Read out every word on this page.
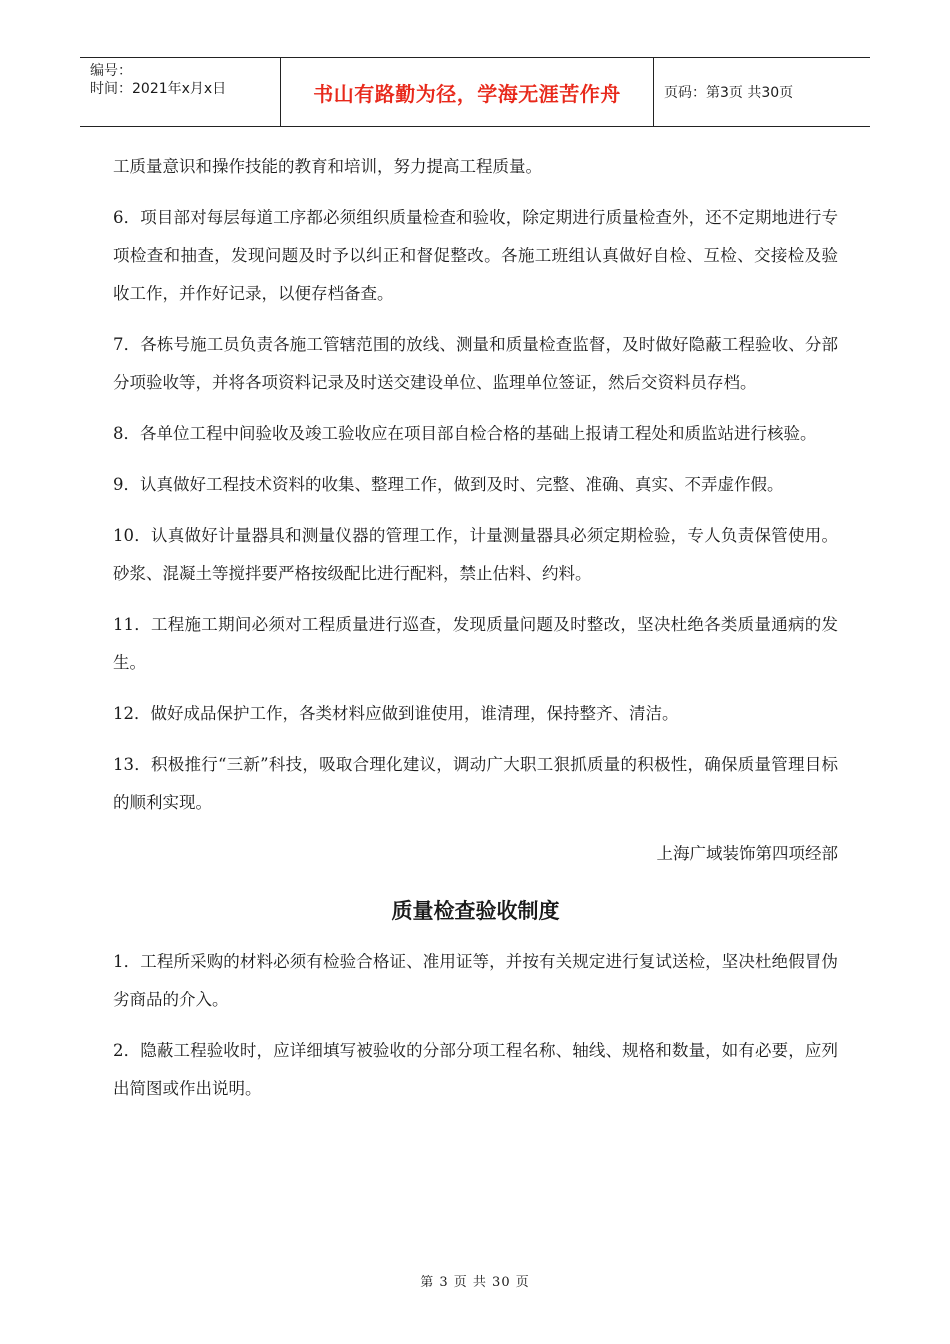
编号：
时间：2021年x月x日	书山有路勤为径，学海无涯苦作舟	页码：第3页 共30页

工质量意识和操作技能的教育和培训，努力提高工程质量。

6．项目部对每层每道工序都必须组织质量检查和验收，除定期进行质量检查外，还不定期地进行专项检查和抽查，发现问题及时予以纠正和督促整改。各施工班组认真做好自检、互检、交接检及验收工作，并作好记录，以便存档备查。

7．各栋号施工员负责各施工管辖范围的放线、测量和质量检查监督，及时做好隐蔽工程验收、分部分项验收等，并将各项资料记录及时送交建设单位、监理单位签证，然后交资料员存档。

8．各单位工程中间验收及竣工验收应在项目部自检合格的基础上报请工程处和质监站进行核验。

9．认真做好工程技术资料的收集、整理工作，做到及时、完整、准确、真实、不弄虚作假。

10．认真做好计量器具和测量仪器的管理工作，计量测量器具必须定期检验，专人负责保管使用。砂浆、混凝土等搅拌要严格按级配比进行配料，禁止估料、约料。

11．工程施工期间必须对工程质量进行巡查，发现质量问题及时整改，坚决杜绝各类质量通病的发生。

12．做好成品保护工作，各类材料应做到谁使用，谁清理，保持整齐、清洁。

13．积极推行“三新”科技，吸取合理化建议，调动广大职工狠抓质量的积极性，确保质量管理目标的顺利实现。

上海广域装饰第四项经部

质量检查验收制度

1．工程所采购的材料必须有检验合格证、准用证等，并按有关规定进行复试送检，坚决杜绝假冒伪劣商品的介入。

2．隐蔽工程验收时，应详细填写被验收的分部分项工程名称、轴线、规格和数量，如有必要，应列出简图或作出说明。

第 3 页 共 30 页
